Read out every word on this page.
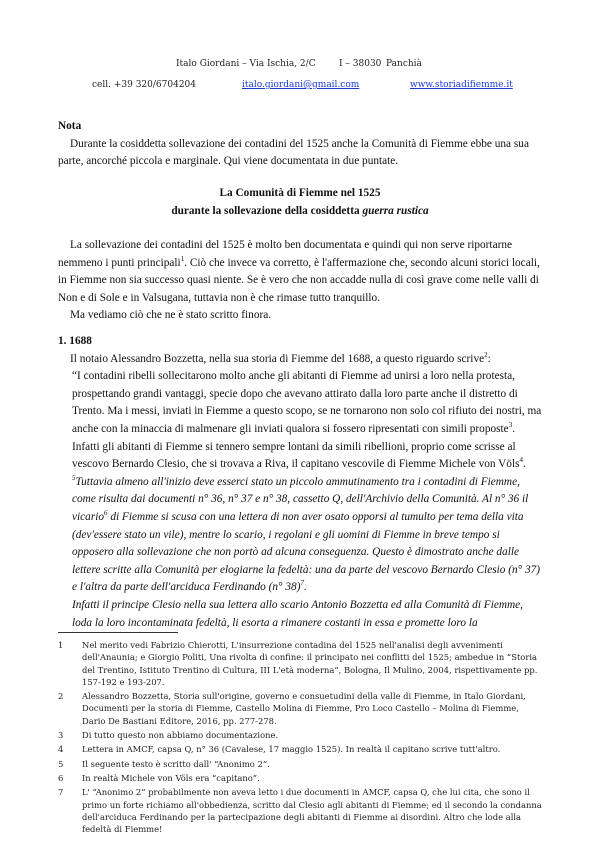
Italo Giordani – Via Ischia, 2/C	I – 38030 Panchià
cell. +39 320/6704204	italo.giordani@gmail.com	www.storiadifiemme.it

Nota

Durante la cosiddetta sollevazione dei contadini del 1525 anche la Comunità di Fiemme ebbe una sua parte, ancorché piccola e marginale. Qui viene documentata in due puntate.

La Comunità di Fiemme nel 1525

durante la sollevazione della cosiddetta guerra rustica

La sollevazione dei contadini del 1525 è molto ben documentata e quindi qui non serve riportarne nemmeno i punti principali$^1$. Ciò che invece va corretto, è l'affermazione che, secondo alcuni storici locali, in Fiemme non sia successo quasi niente. Se è vero che non accadde nulla di così grave come nelle valli di Non e di Sole e in Valsugana, tuttavia non è che rimase tutto tranquillo.

Ma vediamo ciò che ne è stato scritto finora.

1. 1688

Il notaio Alessandro Bozzetta, nella sua storia di Fiemme del 1688, a questo riguardo scrive$^2$:

“I contadini ribelli sollecitarono molto anche gli abitanti di Fiemme ad unirsi a loro nella protesta, prospettando grandi vantaggi, specie dopo che avevano attirato dalla loro parte anche il distretto di Trento. Ma i messi, inviati in Fiemme a questo scopo, se ne tornarono non solo col rifiuto dei nostri, ma anche con la minaccia di malmenare gli inviati qualora si fossero ripresentati con simili proposte$^3$. Infatti gli abitanti di Fiemme si tennero sempre lontani da simili ribellioni, proprio come scrisse al vescovo Bernardo Clesio, che si trovava a Riva, il capitano vescovile di Fiemme Michele von Völs$^4$.

$^5$Tuttavia almeno all'inizio deve esserci stato un piccolo ammutinamento tra i contadini di Fiemme, come risulta dai documenti n° 36, n° 37 e n° 38, cassetto Q, dell'Archivio della Comunità. Al n° 36 il vicario$^6$ di Fiemme si scusa con una lettera di non aver osato opporsi al tumulto per tema della vita (dev'essere stato un vile), mentre lo scario, i regolani e gli uomini di Fiemme in breve tempo si opposero alla sollevazione che non portò ad alcuna conseguenza. Questo è dimostrato anche dalle lettere scritte alla Comunità per elogiarne la fedeltà: una da parte del vescovo Bernardo Clesio (n° 37) e l'altra da parte dell'arciduca Ferdinando (n° 38)$^7$.

Infatti il principe Clesio nella sua lettera allo scario Antonio Bozzetta ed alla Comunità di Fiemme, loda la loro incontaminata fedeltà, li esorta a rimanere costanti in essa e promette loro la

1	Nel merito vedi Fabrizio Chierotti, L'insurrezione contadina del 1525 nell'analisi degli avvenimenti dell'Anaunia; e Giorgio Politi, Una rivolta di confine: il principato nei conflitti del 1525; ambedue in “Storia del Trentino, Istituto Trentino di Cultura, III L'età moderna”, Bologna, Il Mulino, 2004, rispettivamente pp. 157-192 e 193-207.
2	Alessandro Bozzetta, Storia sull'origine, governo e consuetudini della valle di Fiemme, in Italo Giordani, Documenti per la storia di Fiemme, Castello Molina di Fiemme, Pro Loco Castello – Molina di Fiemme, Dario De Bastiani Editore, 2016, pp. 277-278.
3	Di tutto questo non abbiamo documentazione.
4	Lettera in AMCF, capsa Q, n° 36 (Cavalese, 17 maggio 1525). In realtà il capitano scrive tutt'altro.
5	Il seguente testo è scritto dall' “Anonimo 2”.
6	In realtà Michele von Völs era “capitano”.
7	L' “Anonimo 2” probabilmente non aveva letto i due documenti in AMCF, capsa Q, che lui cita, che sono il primo un forte richiamo all'obbedienza, scritto dal Clesio agli abitanti di Fiemme; ed il secondo la condanna dell'arciduca Ferdinando per la partecipazione degli abitanti di Fiemme ai disordini. Altro che lode alla fedeltà di Fiemme!
